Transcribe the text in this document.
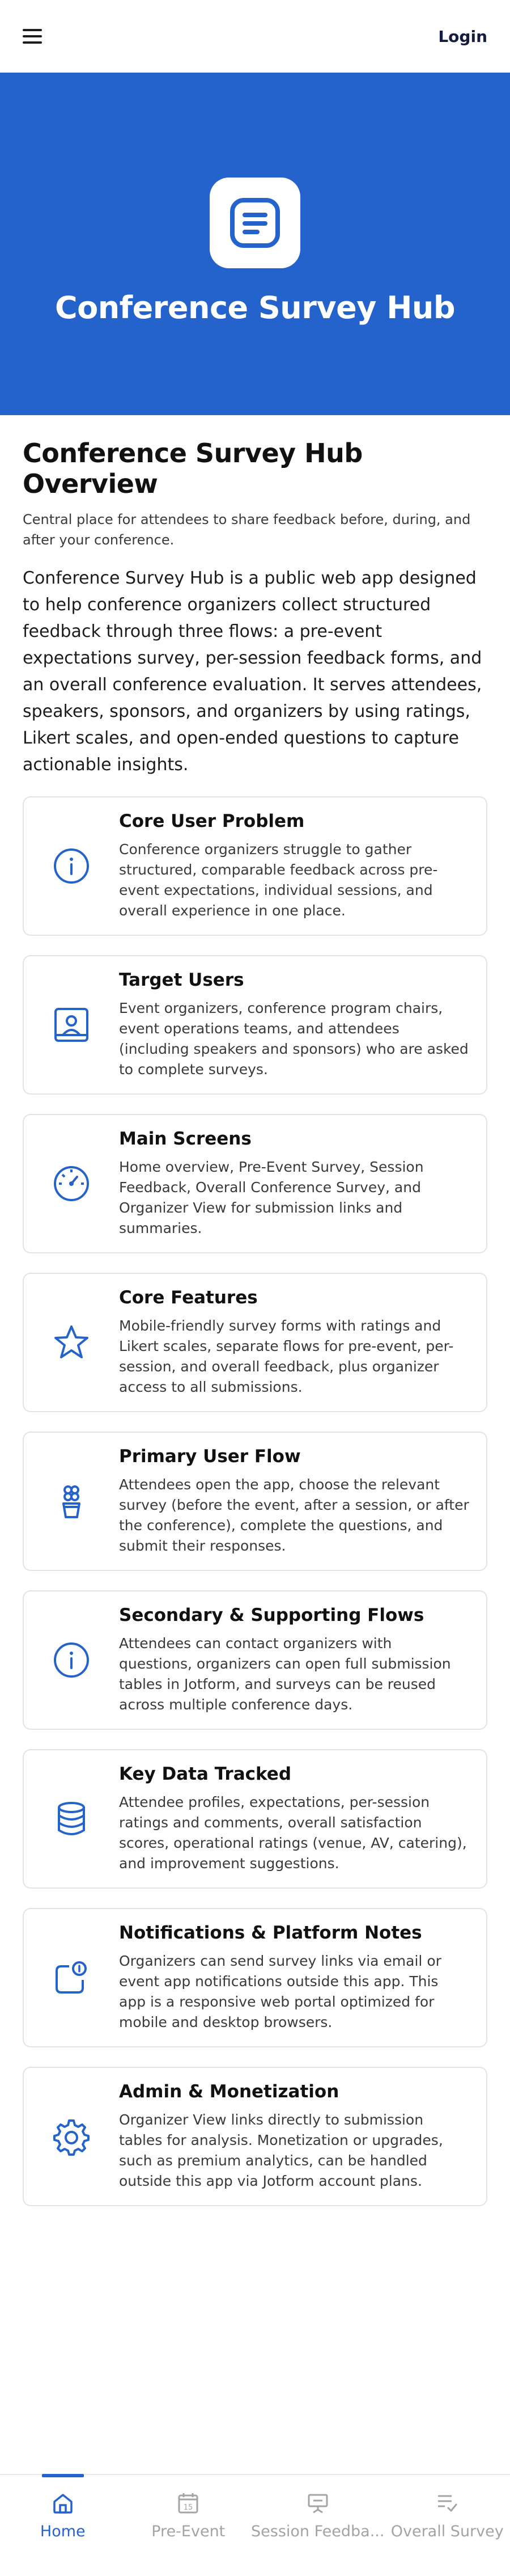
Login
Conference Survey Hub
Conference Survey Hub Overview

Central place for attendees to share feedback before, during, and after your conference.

Conference Survey Hub is a public web app designed to help conference organizers collect structured feedback through three flows: a pre-event expectations survey, per-session feedback forms, and an overall conference evaluation. It serves attendees, speakers, sponsors, and organizers by using ratings, Likert scales, and open-ended questions to capture actionable insights.

Core User Problem
Conference organizers struggle to gather structured, comparable feedback across pre-event expectations, individual sessions, and overall experience in one place.
Target Users
Event organizers, conference program chairs, event operations teams, and attendees (including speakers and sponsors) who are asked to complete surveys.
Main Screens
Home overview, Pre-Event Survey, Session Feedback, Overall Conference Survey, and Organizer View for submission links and summaries.
Core Features
Mobile-friendly survey forms with ratings and Likert scales, separate flows for pre-event, per-session, and overall feedback, plus organizer access to all submissions.
Primary User Flow
Attendees open the app, choose the relevant survey (before the event, after a session, or after the conference), complete the questions, and submit their responses.
Secondary & Supporting Flows
Attendees can contact organizers with questions, organizers can open full submission tables in Jotform, and surveys can be reused across multiple conference days.
Key Data Tracked
Attendee profiles, expectations, per-session ratings and comments, overall satisfaction scores, operational ratings (venue, AV, catering), and improvement suggestions.
Notifications & Platform Notes
Organizers can send survey links via email or event app notifications outside this app. This app is a responsive web portal optimized for mobile and desktop browsers.
Admin & Monetization
Organizer View links directly to submission tables for analysis. Monetization or upgrades, such as premium analytics, can be handled outside this app via Jotform account plans.
Home
15
Pre-Event Session Feedba... Overall Survey
